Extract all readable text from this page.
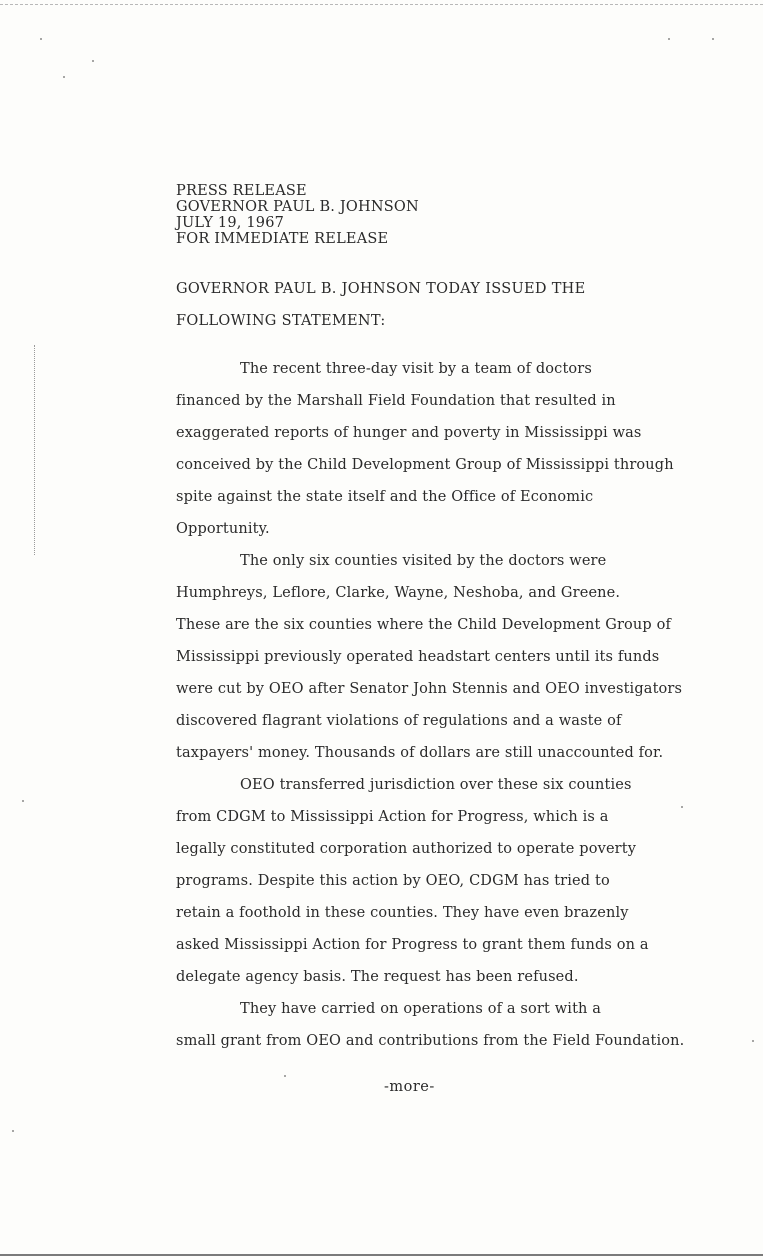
PRESS RELEASE
GOVERNOR PAUL B. JOHNSON
JULY 19, 1967
FOR IMMEDIATE RELEASE
GOVERNOR PAUL B. JOHNSON TODAY ISSUED THE
FOLLOWING STATEMENT:
The recent three-day visit by a team of doctors
financed by the Marshall Field Foundation that resulted in
exaggerated reports of hunger and poverty in Mississippi was
conceived by the Child Development Group of Mississippi through
spite against the state itself and the Office of Economic
Opportunity.
The only six counties visited by the doctors were
Humphreys, Leflore, Clarke, Wayne, Neshoba, and Greene.
These are the six counties where the Child Development Group of
Mississippi previously operated headstart centers until its funds
were cut by OEO after Senator John Stennis and OEO investigators
discovered flagrant violations of regulations and a waste of
taxpayers' money. Thousands of dollars are still unaccounted for.
OEO transferred jurisdiction over these six counties
from CDGM to Mississippi Action for Progress, which is a
legally constituted corporation authorized to operate poverty
programs. Despite this action by OEO, CDGM has tried to
retain a foothold in these counties. They have even brazenly
asked Mississippi Action for Progress to grant them funds on a
delegate agency basis. The request has been refused.
They have carried on operations of a sort with a
small grant from OEO and contributions from the Field Foundation.
-more-
